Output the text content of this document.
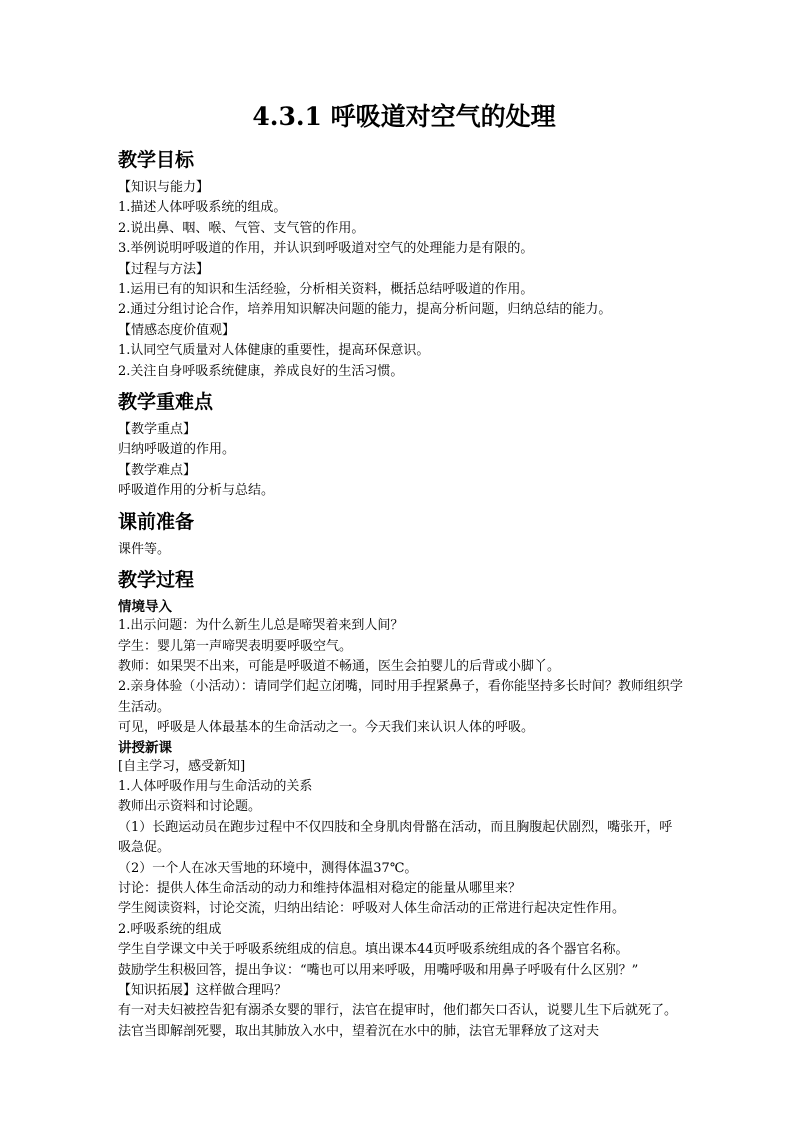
4.3.1 呼吸道对空气的处理
教学目标
【知识与能力】
1.描述人体呼吸系统的组成。
2.说出鼻、咽、喉、气管、支气管的作用。
3.举例说明呼吸道的作用，并认识到呼吸道对空气的处理能力是有限的。
【过程与方法】
1.运用已有的知识和生活经验，分析相关资料，概括总结呼吸道的作用。
2.通过分组讨论合作，培养用知识解决问题的能力，提高分析问题，归纳总结的能力。
【情感态度价值观】
1.认同空气质量对人体健康的重要性，提高环保意识。
2.关注自身呼吸系统健康，养成良好的生活习惯。
教学重难点
【教学重点】
归纳呼吸道的作用。
【教学难点】
呼吸道作用的分析与总结。
课前准备
课件等。
教学过程
情境导入
1.出示问题：为什么新生儿总是啼哭着来到人间？
学生：婴儿第一声啼哭表明要呼吸空气。
教师：如果哭不出来，可能是呼吸道不畅通，医生会拍婴儿的后背或小脚丫。
2.亲身体验（小活动）：请同学们起立闭嘴，同时用手捏紧鼻子，看你能坚持多长时间？教师组织学生活动。
可见，呼吸是人体最基本的生命活动之一。今天我们来认识人体的呼吸。
讲授新课
[自主学习，感受新知]
1.人体呼吸作用与生命活动的关系
教师出示资料和讨论题。
（1）长跑运动员在跑步过程中不仅四肢和全身肌肉骨骼在活动，而且胸腹起伏剧烈，嘴张开，呼吸急促。
（2）一个人在冰天雪地的环境中，测得体温37℃。
讨论：提供人体生命活动的动力和维持体温相对稳定的能量从哪里来？
学生阅读资料，讨论交流，归纳出结论：呼吸对人体生命活动的正常进行起决定性作用。
2.呼吸系统的组成
学生自学课文中关于呼吸系统组成的信息。填出课本44页呼吸系统组成的各个器官名称。
鼓励学生积极回答，提出争议：“嘴也可以用来呼吸，用嘴呼吸和用鼻子呼吸有什么区别？”
【知识拓展】这样做合理吗？
有一对夫妇被控告犯有溺杀女婴的罪行，法官在提审时，他们都矢口否认，说婴儿生下后就死了。法官当即解剖死婴，取出其肺放入水中，望着沉在水中的肺，法官无罪释放了这对夫
